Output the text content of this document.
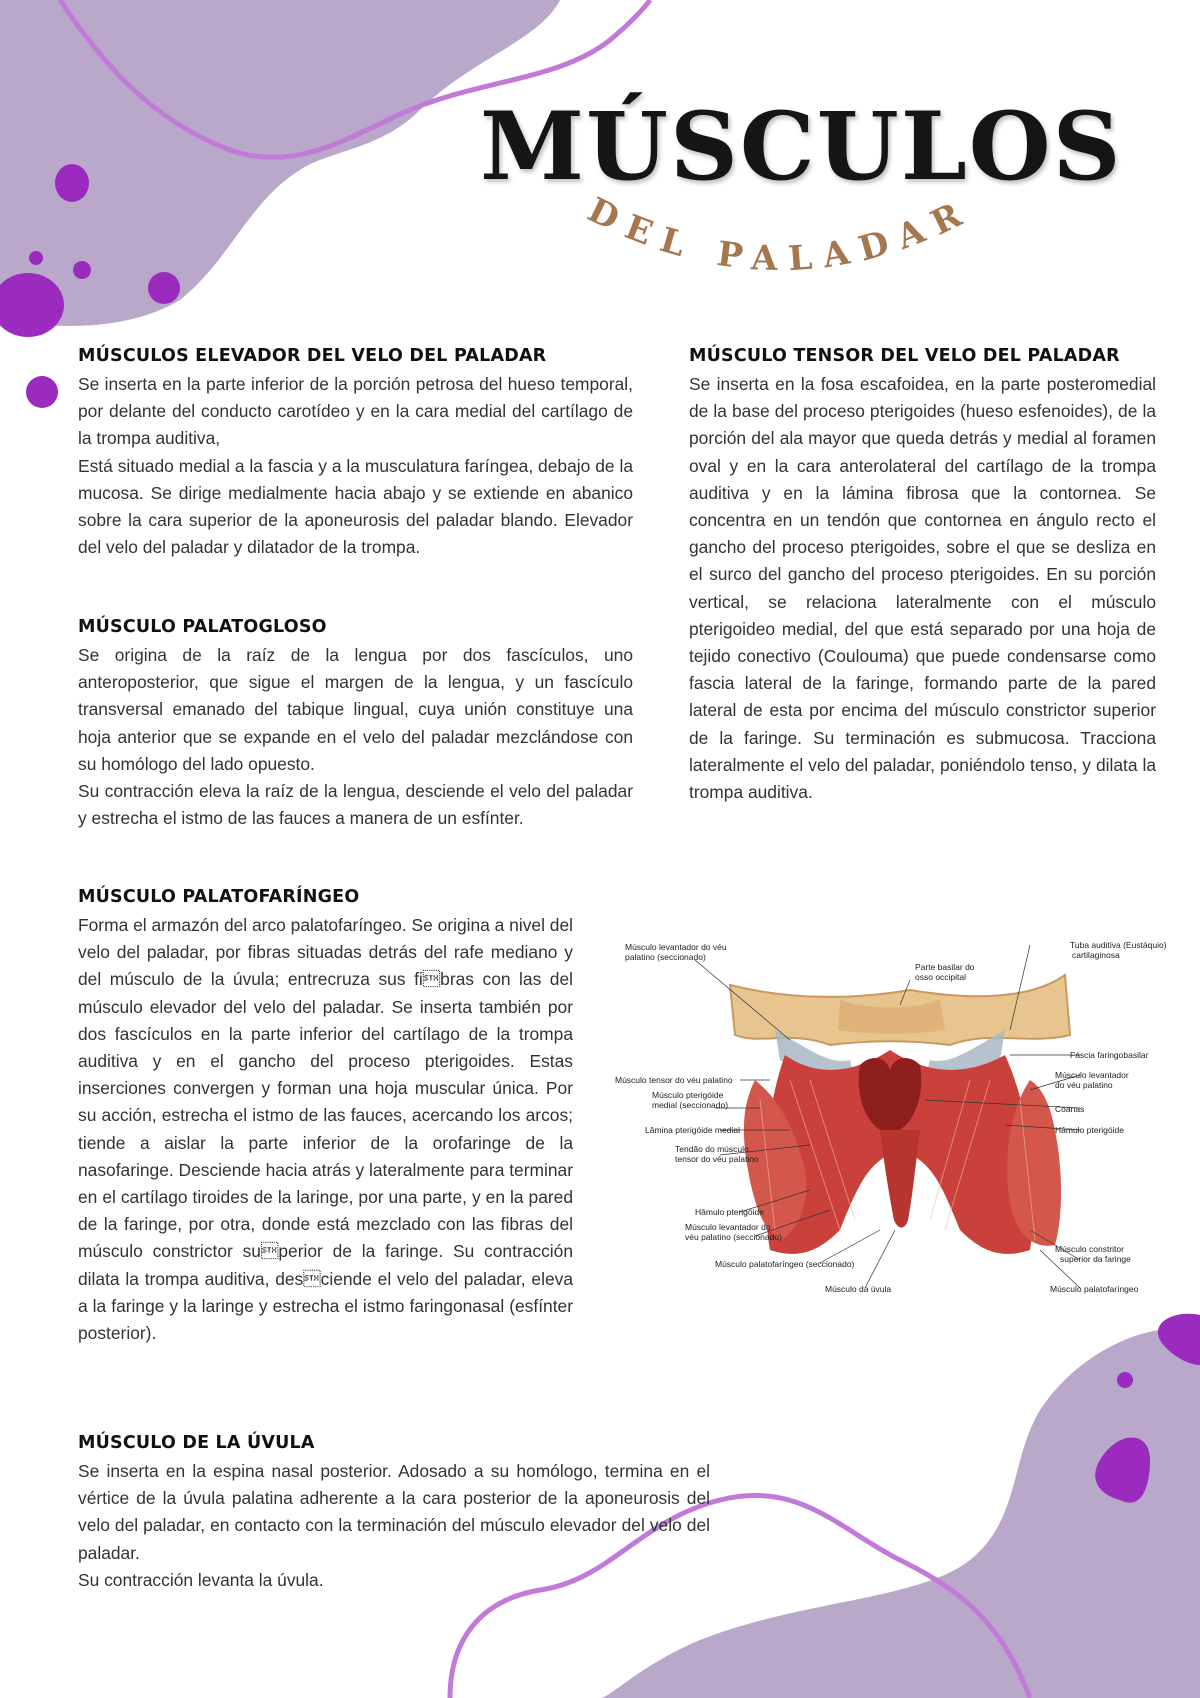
MÚSCULOS
DEL PALADAR
MÚSCULOS ELEVADOR DEL VELO DEL PALADAR

Se inserta en la parte inferior de la porción petrosa del hueso temporal, por delante del conducto carotídeo y en la cara medial del cartílago de la trompa auditiva,

Está situado medial a la fascia y a la musculatura faríngea, debajo de la mucosa. Se dirige medialmente hacia abajo y se extiende en abanico sobre la cara superior de la aponeurosis del paladar blando. Elevador del velo del paladar y dilatador de la trompa.

MÚSCULO TENSOR DEL VELO DEL PALADAR

Se inserta en la fosa escafoidea, en la parte posteromedial de la base del proceso pterigoides (hueso esfenoides), de la porción del ala mayor que queda detrás y medial al foramen oval y en la cara anterolateral del cartílago de la trompa auditiva y en la lámina fibrosa que la contornea. Se concentra en un tendón que contornea en ángulo recto el gancho del proceso pterigoides, sobre el que se desliza en el surco del gancho del proceso pterigoides. En su porción vertical, se relaciona lateralmente con el músculo pterigoideo medial, del que está separado por una hoja de tejido conectivo (Coulouma) que puede condensarse como fascia lateral de la faringe, formando parte de la pared lateral de esta por encima del músculo constrictor superior de la faringe. Su terminación es submucosa. Tracciona lateralmente el velo del paladar, poniéndolo tenso, y dilata la trompa auditiva.

MÚSCULO PALATOGLOSO

Se origina de la raíz de la lengua por dos fascículos, uno anteroposterior, que sigue el margen de la lengua, y un fascículo transversal emanado del tabique lingual, cuya unión constituye una hoja anterior que se expande en el velo del paladar mezclándose con su homólogo del lado opuesto.

Su contracción eleva la raíz de la lengua, desciende el velo del paladar y estrecha el istmo de las fauces a manera de un esfínter.

MÚSCULO PALATOFARÍNGEO

Forma el armazón del arco palatofaríngeo. Se origina a nivel del velo del paladar, por fibras situadas detrás del rafe mediano y del músculo de la úvula; entrecruza sus fibras con las del músculo elevador del velo del paladar. Se inserta también por dos fascículos en la parte inferior del cartílago de la trompa auditiva y en el gancho del proceso pterigoides. Estas inserciones convergen y forman una hoja muscular única. Por su acción, estrecha el istmo de las fauces, acercando los arcos; tiende a aislar la parte inferior de la orofaringe de la nasofaringe. Desciende hacia atrás y lateralmente para terminar en el cartílago tiroides de la laringe, por una parte, y en la pared de la faringe, por otra, donde está mezclado con las fibras del músculo constrictor superior de la faringe. Su contracción dilata la trompa auditiva, desciende el velo del paladar, eleva a la faringe y la laringe y estrecha el istmo faringonasal (esfínter posterior).

MÚSCULO DE LA ÚVULA

Se inserta en la espina nasal posterior. Adosado a su homólogo, termina en el vértice de la úvula palatina adherente a la cara posterior de la aponeurosis del velo del paladar, en contacto con la terminación del músculo elevador del velo del paladar.

Su contracción levanta la úvula.

Músculo levantador do véu
palatino (seccionado)
Parte basilar do
osso occipital
Tuba auditiva (Eustáquio)
cartilaginosa
Fáscia faringobasilar
Músculo levantador
do véu palatino
Coanas
Hâmulo pterigóide
Músculo tensor do véu palatino
Músculo pterigóide
medial (seccionado)
Lâmina pterigóide medial
Tendão do músculo
tensor do véu palatino
Hâmulo pterigóide
Músculo levantador do
véu palatino (seccionado)
Músculo palatofaríngeo (seccionado)
Músculo da úvula
Músculo constritor
superior da faringe
Músculo palatofaríngeo
